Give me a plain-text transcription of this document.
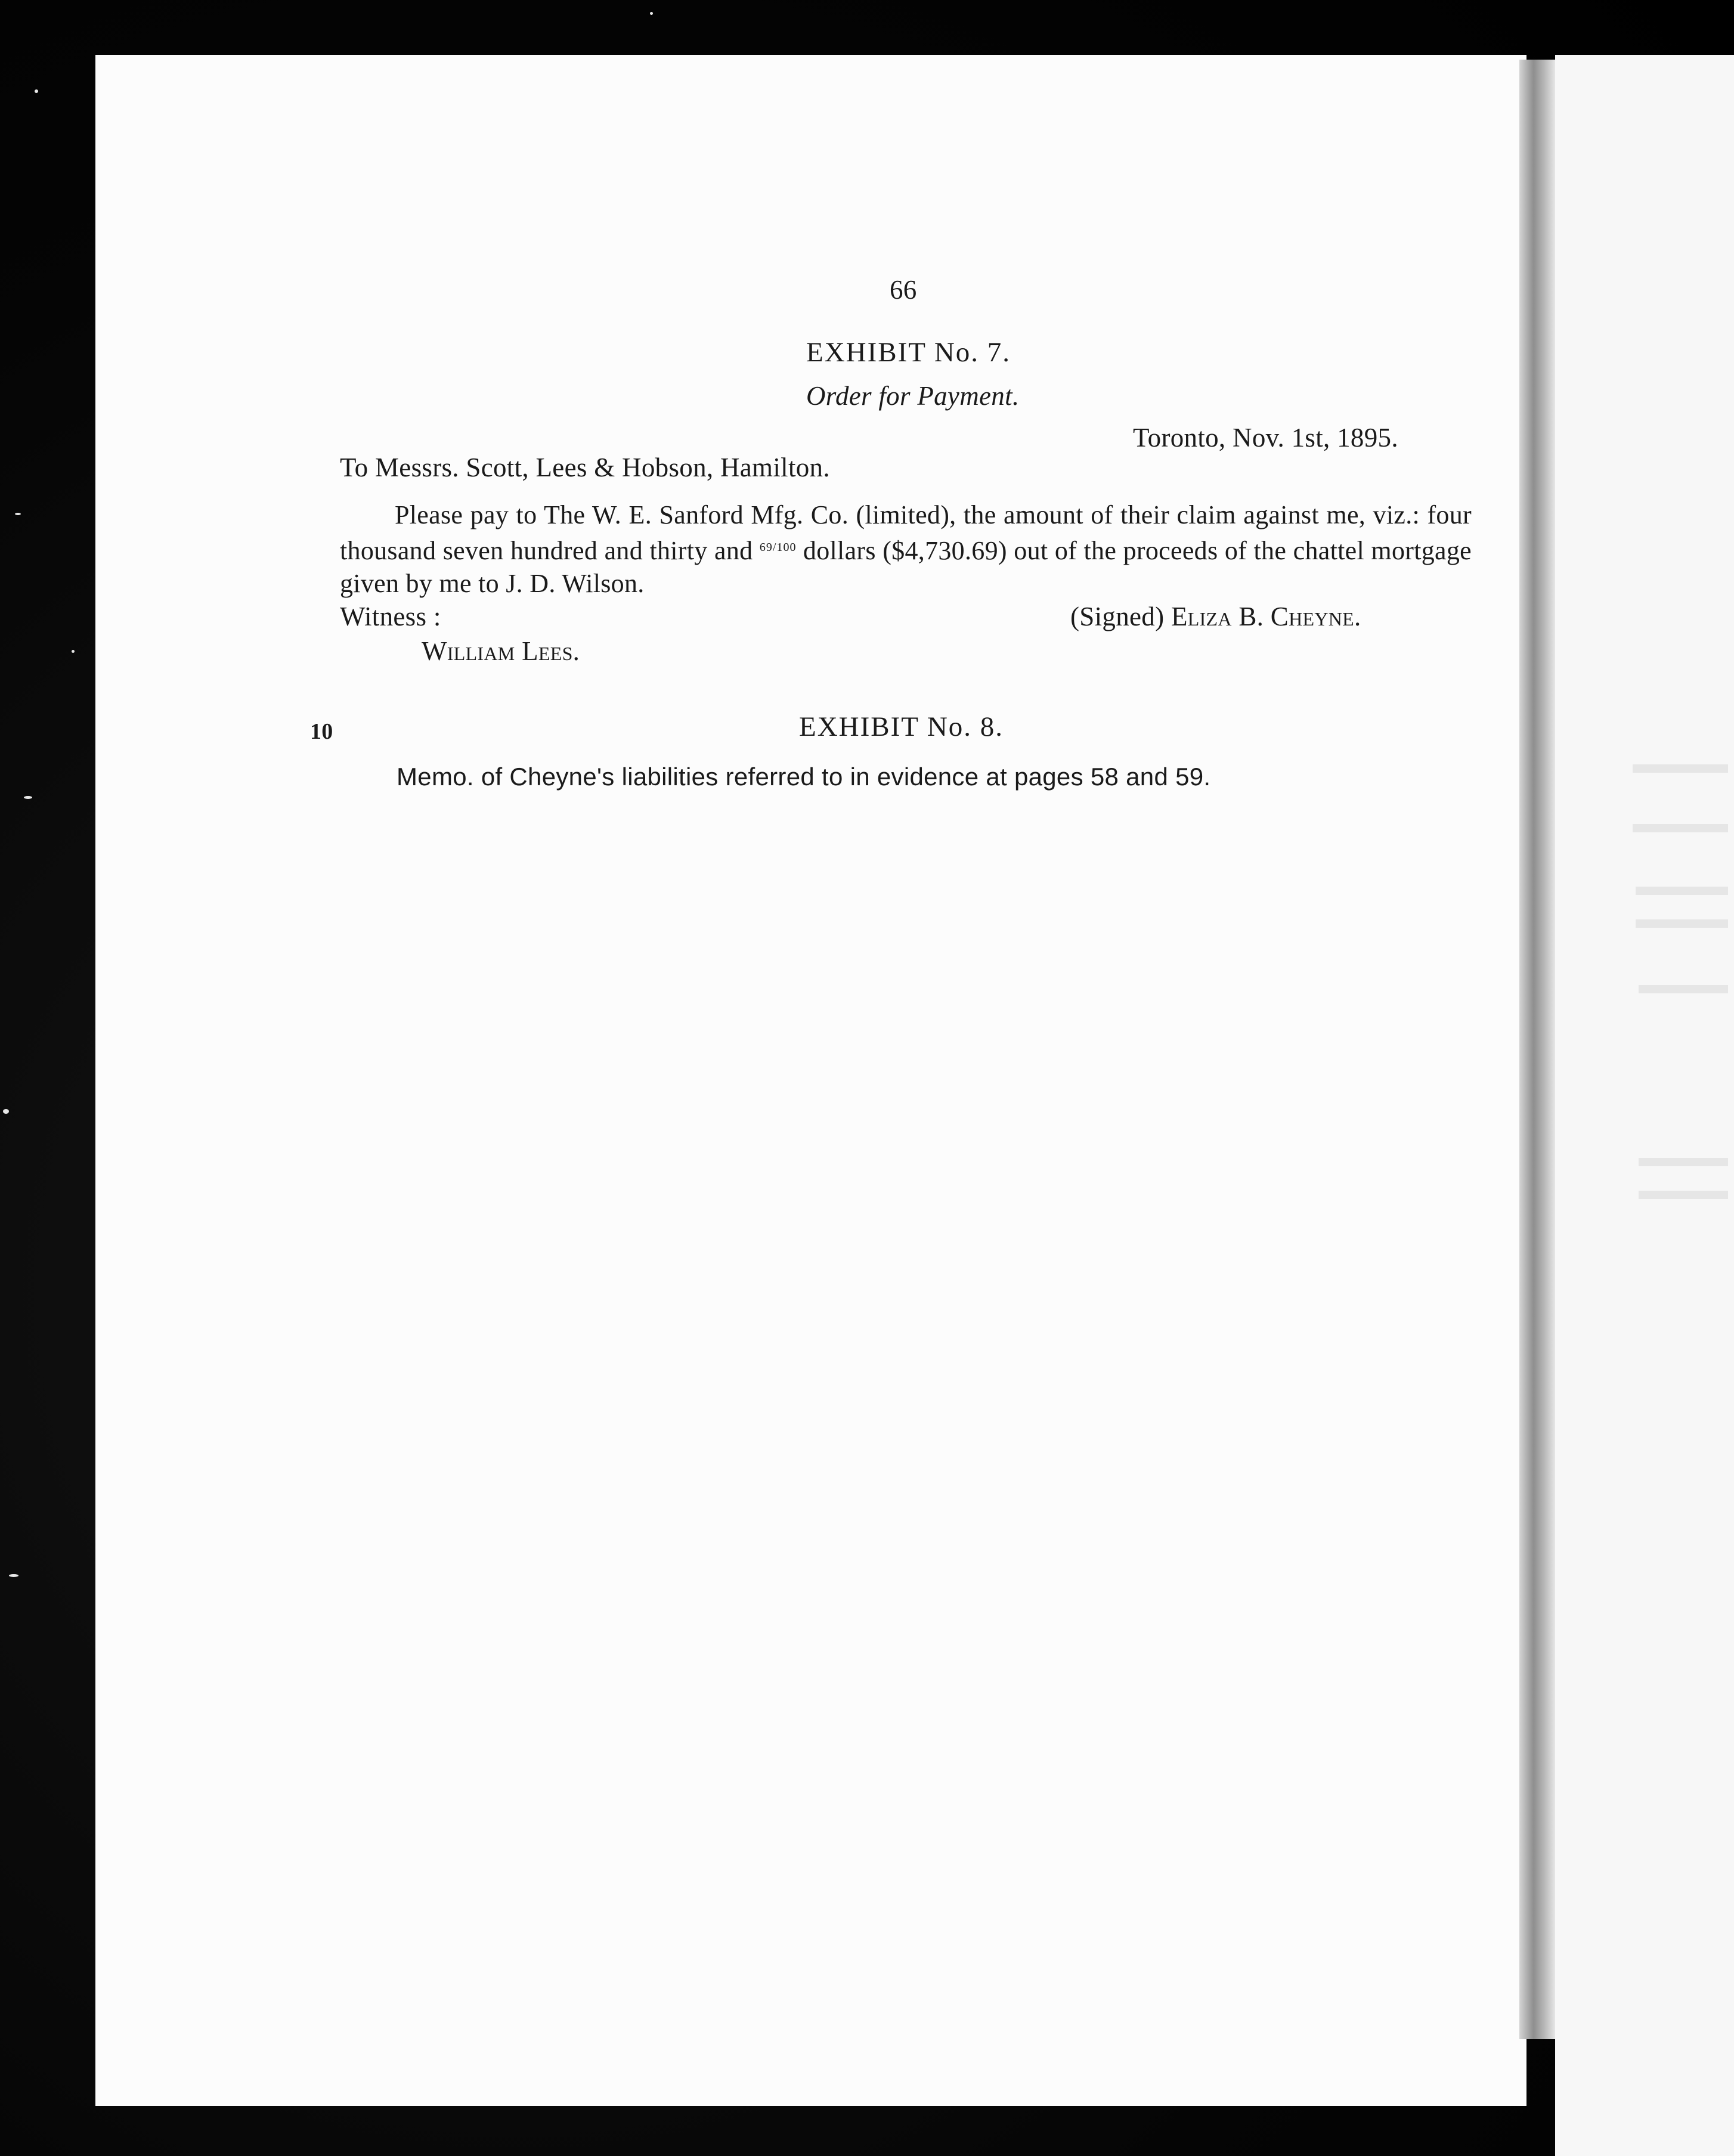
66
EXHIBIT No. 7.
Order for Payment.
Toronto, Nov. 1st, 1895.
To Messrs. Scott, Lees & Hobson, Hamilton.
Please pay to The W. E. Sanford Mfg. Co. (limited), the amount of their claim against me, viz.: four thousand seven hundred and thirty and $^{69/100}$ dollars ($4,730.69) out of the proceeds of the chattel mortgage given by me to J. D. Wilson.
Witness :	(Signed) Eliza B. Cheyne.
William Lees.
10	EXHIBIT No. 8.
Memo. of Cheyne's liabilities referred to in evidence at pages 58 and 59.
